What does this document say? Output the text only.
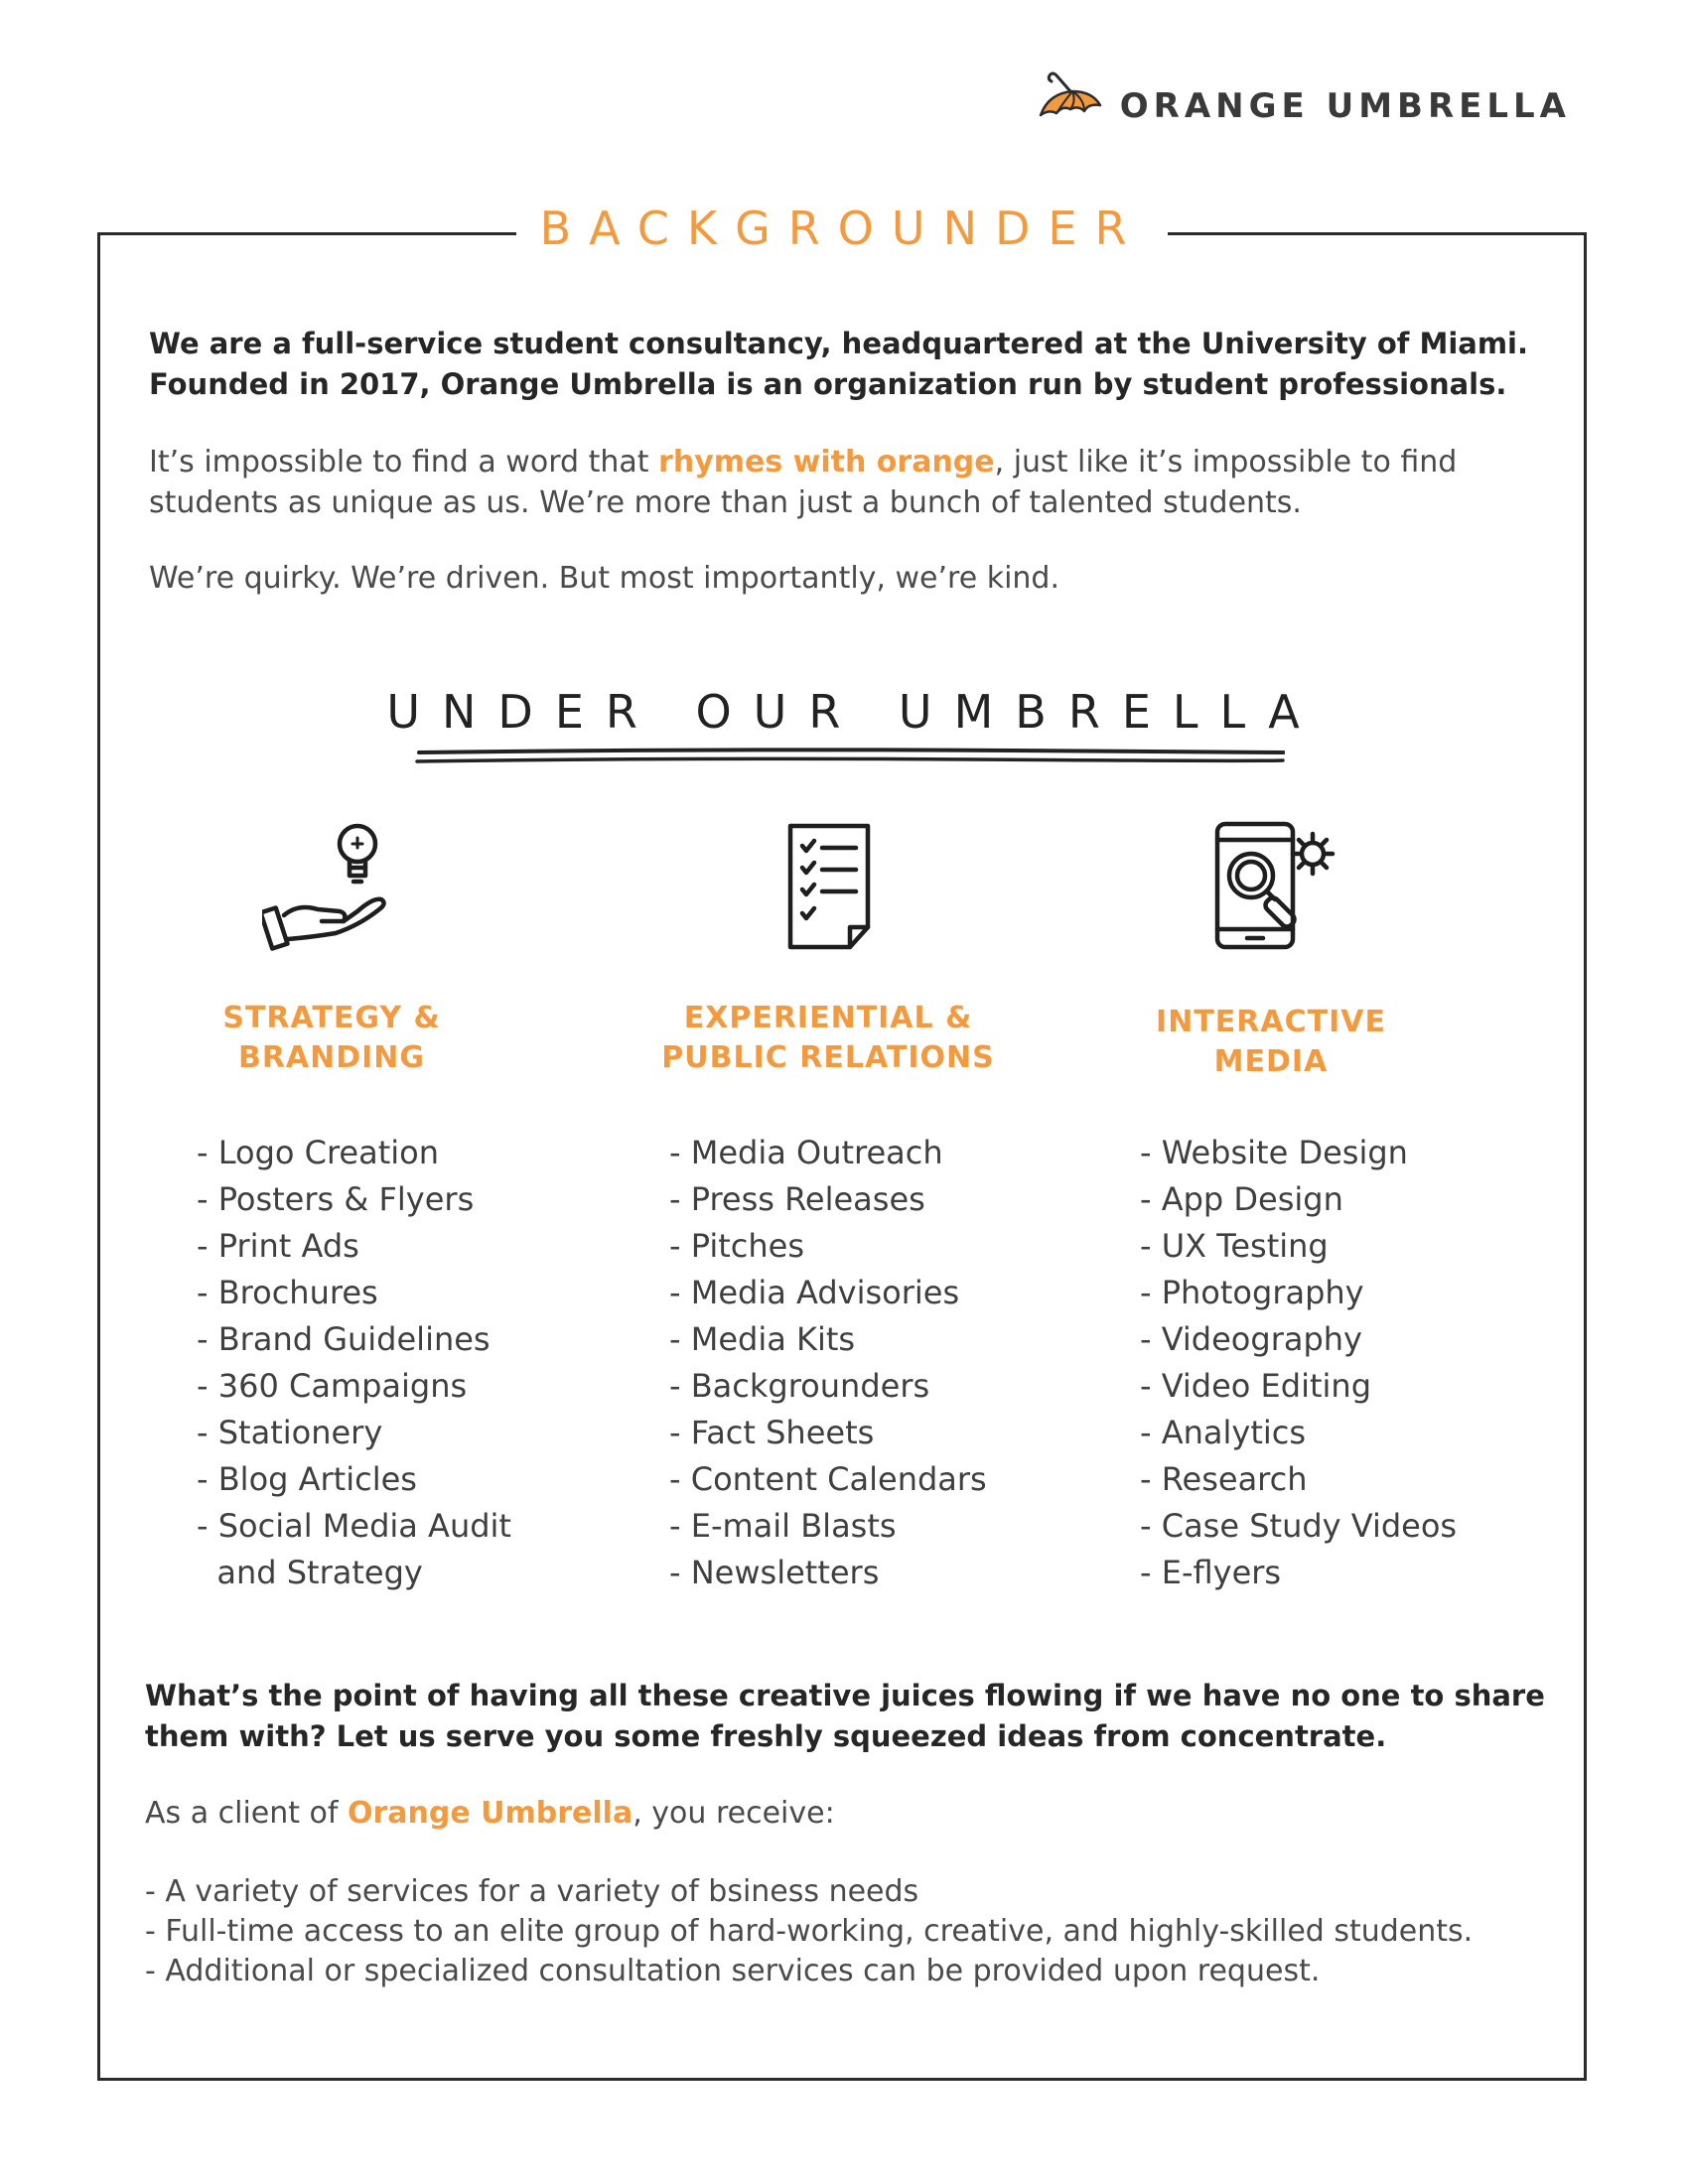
ORANGE UMBRELLA
BACKGROUNDER

We are a full-service student consultancy, headquartered at the University of Miami. Founded in 2017, Orange Umbrella is an organization run by student professionals.

It’s impossible to find a word that rhymes with orange, just like it’s impossible to find students as unique as us. We’re more than just a bunch of talented students.

We’re quirky. We’re driven. But most importantly, we’re kind.

UNDER OUR UMBRELLA
STRATEGY &
BRANDING
- Logo Creation
- Posters & Flyers
- Print Ads
- Brochures
- Brand Guidelines
- 360 Campaigns
- Stationery
- Blog Articles
- Social Media Audit
and Strategy
EXPERIENTIAL &
PUBLIC RELATIONS
- Media Outreach
- Press Releases
- Pitches
- Media Advisories
- Media Kits
- Backgrounders
- Fact Sheets
- Content Calendars
- E-mail Blasts
- Newsletters
INTERACTIVE
MEDIA
- Website Design
- App Design
- UX Testing
- Photography
- Videography
- Video Editing
- Analytics
- Research
- Case Study Videos
- E-flyers

What’s the point of having all these creative juices flowing if we have no one to share them with? Let us serve you some freshly squeezed ideas from concentrate.

As a client of Orange Umbrella, you receive:

- A variety of services for a variety of bsiness needs
- Full-time access to an elite group of hard-working, creative, and highly-skilled students.
- Additional or specialized consultation services can be provided upon request.
